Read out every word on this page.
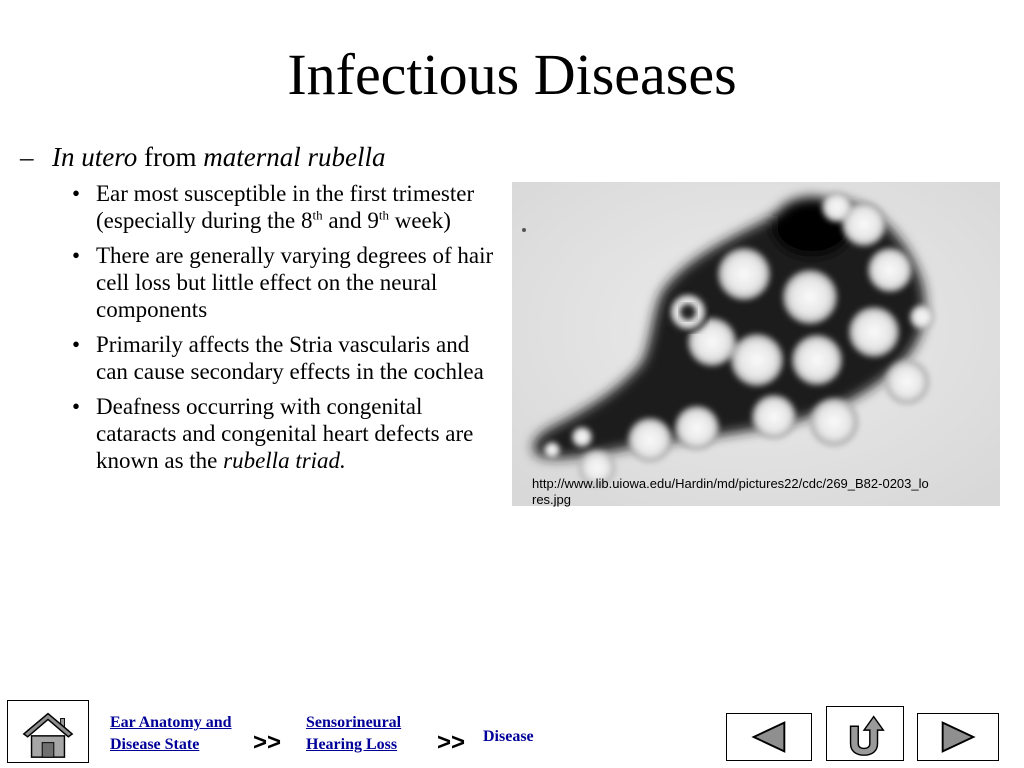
Infectious Diseases
– In utero from maternal rubella
• Ear most susceptible in the first trimester (especially during the 8th and 9th week)
• There are generally varying degrees of hair cell loss but little effect on the neural components
• Primarily affects the Stria vascularis and can cause secondary effects in the cochlea
• Deafness occurring with congenital cataracts and congenital heart defects are known as the rubella triad.
http://www.lib.uiowa.edu/Hardin/md/pictures22/cdc/269_B82-0203_lores.jpg
Ear Anatomy and
Disease State	>>
Sensorineural
Hearing Loss >> Disease
